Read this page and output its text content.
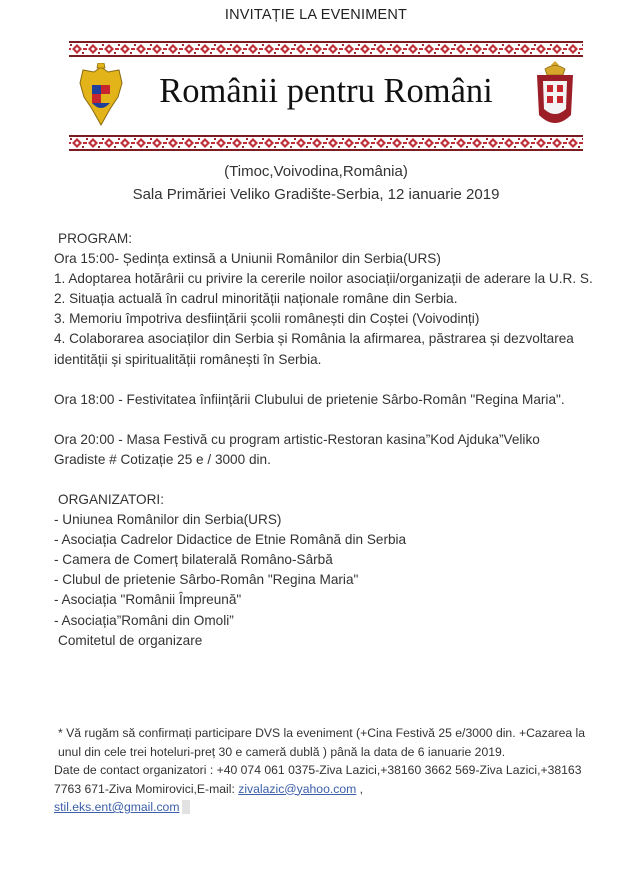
INVITAȚIE LA EVENIMENT
Românii pentru Români
(Timoc,Voivodina,România)
Sala Primăriei Veliko Gradište-Serbia, 12 ianuarie 2019

PROGRAM:

Ora 15:00- Ședința extinsă a Uniunii Românilor din Serbia(URS)

1. Adoptarea hotărârii cu privire la cererile noilor asociații/organizații de aderare la U.R. S.

2. Situația actuală în cadrul minorității naționale române din Serbia.

3. Memoriu împotriva desființării școlii românești din Coștei (Voivodinți)

4. Colaborarea asociaților din Serbia și România la afirmarea, păstrarea și dezvoltarea identității și spiritualității românești în Serbia.

Ora 18:00 - Festivitatea înființării Clubului de prietenie Sârbo-Român "Regina Maria".

Ora 20:00 - Masa Festivă cu program artistic-Restoran kasina”Kod Ajduka”Veliko Gradiste # Cotizație 25 e / 3000 din.

ORGANIZATORI:

- Uniunea Românilor din Serbia(URS)

- Asociația Cadrelor Didactice de Etnie Română din Serbia

- Camera de Comerț bilaterală Româno-Sârbă

- Clubul de prietenie Sârbo-Român "Regina Maria"

- Asociația "Românii Împreună"

- Asociația”Români din Omoli”

Comitetul de organizare

* Vă rugăm să confirmați participare DVS la eveniment (+Cina Festivă 25 e/3000 din. +Cazarea la unul din cele trei hoteluri-preț 30 e cameră dublă ) până la data de 6 ianuarie 2019.

Date de contact organizatori : +40 074 061 0375-Ziva Lazici,+38160 3662 569-Ziva Lazici,+38163 7763 671-Ziva Momirovici,E-mail: zivalazic@yahoo.com ,

stil.eks.ent@gmail.com
